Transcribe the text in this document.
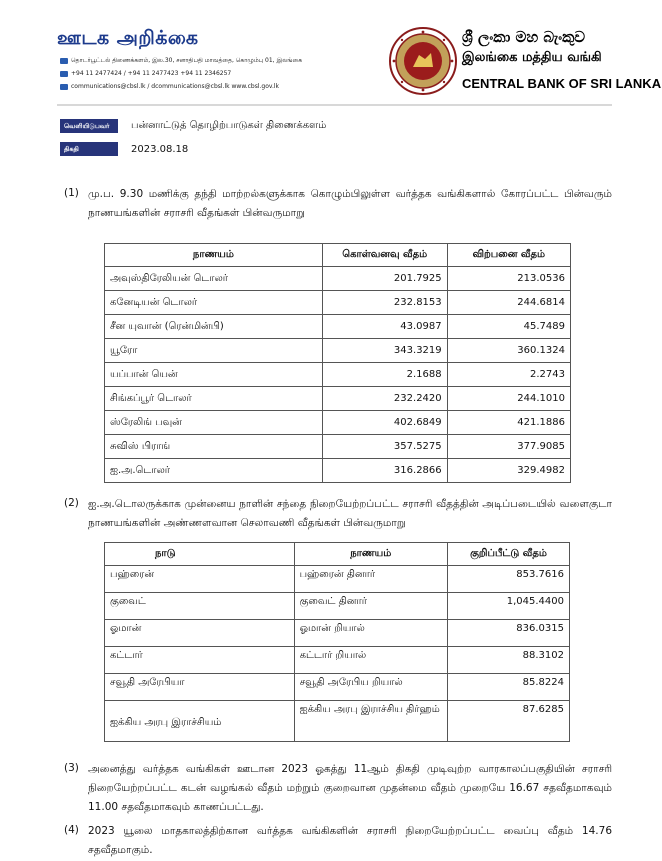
ஊடக அறிக்கை
தொடர்பூட்டல் திணைக்களம், இல.30, சனாதிபதி மாவத்தை, கொழும்பு 01, இலங்கை
+94 11 2477424 / +94 11 2477423 +94 11 2346257
communications@cbsl.lk / dcommunications@cbsl.lk www.cbsl.gov.lk
ශ්‍රී ලංකා මහ බැංකුව
இலங்கை மத்திய வங்கி
CENTRAL BANK OF SRI LANKA
வெளியிடுபவர்	பன்னாட்டுத் தொழிற்பாடுகள் திணைக்களம்
திகதி	2023.08.18
(1) மு.ப. 9.30 மணிக்கு தந்தி மாற்றல்களுக்காக கொழும்பிலுள்ள வர்த்தக வங்கிகளால் கோரப்பட்ட பின்வரும் நாணயங்களின் சராசரி வீதங்கள் பின்வருமாறு
நாணயம்	கொள்வனவு வீதம்	விற்பனை வீதம்
அவுஸ்திரேலியன் டொலர்	201.7925	213.0536
கனேடியன் டொலர்	232.8153	244.6814
சீன யுவான் (ரென்மின்பி)	43.0987	45.7489
யூரோ	343.3219	360.1324
யப்பான் யென்	2.1688	2.2743
சிங்கப்பூர் டொலர்	232.2420	244.1010
ஸ்ரேலிங் பவுன்	402.6849	421.1886
சுவிஸ் பிராங்	357.5275	377.9085
ஐ.அ.டொலர்	316.2866	329.4982
(2) ஐ.அ.டொலருக்காக முன்னைய நாளின் சந்தை நிறையேற்றப்பட்ட சராசரி வீதத்தின் அடிப்படையில் வளைகுடா நாணயங்களின் அண்ணளவான செலாவணி வீதங்கள் பின்வருமாறு
நாடு	நாணயம்	குறிப்பீட்டு வீதம்
பஹ்ரைன்	பஹ்ரைன் தினார்	853.7616
குவைட்	குவைட் தினார்	1,045.4400
ஓமான்	ஓமான் றியால்	836.0315
கட்டார்	கட்டார் றியால்	88.3102
சவூதி அரேபியா	சவூதி அரேபிய றியால்	85.8224
ஐக்கிய அரபு இராச்சியம்	ஐக்கிய அரபு இராச்சிய திர்ஹம்	87.6285
(3) அனைத்து வர்த்தக வங்கிகள் ஊடான 2023 ஓகத்து 11ஆம் திகதி முடிவுற்ற வாரகாலப்பகுதியின் சராசரி நிறையேற்றப்பட்ட கடன் வழங்கல் வீதம் மற்றும் குறைவான முதன்மை வீதம் முறையே 16.67 சதவீதமாகவும் 11.00 சதவீதமாகவும் காணப்பட்டது.
(4) 2023 யூலை மாதகாலத்திற்கான வர்த்தக வங்கிகளின் சராசரி நிறையேற்றப்பட்ட வைப்பு வீதம் 14.76 சதவீதமாகும்.
